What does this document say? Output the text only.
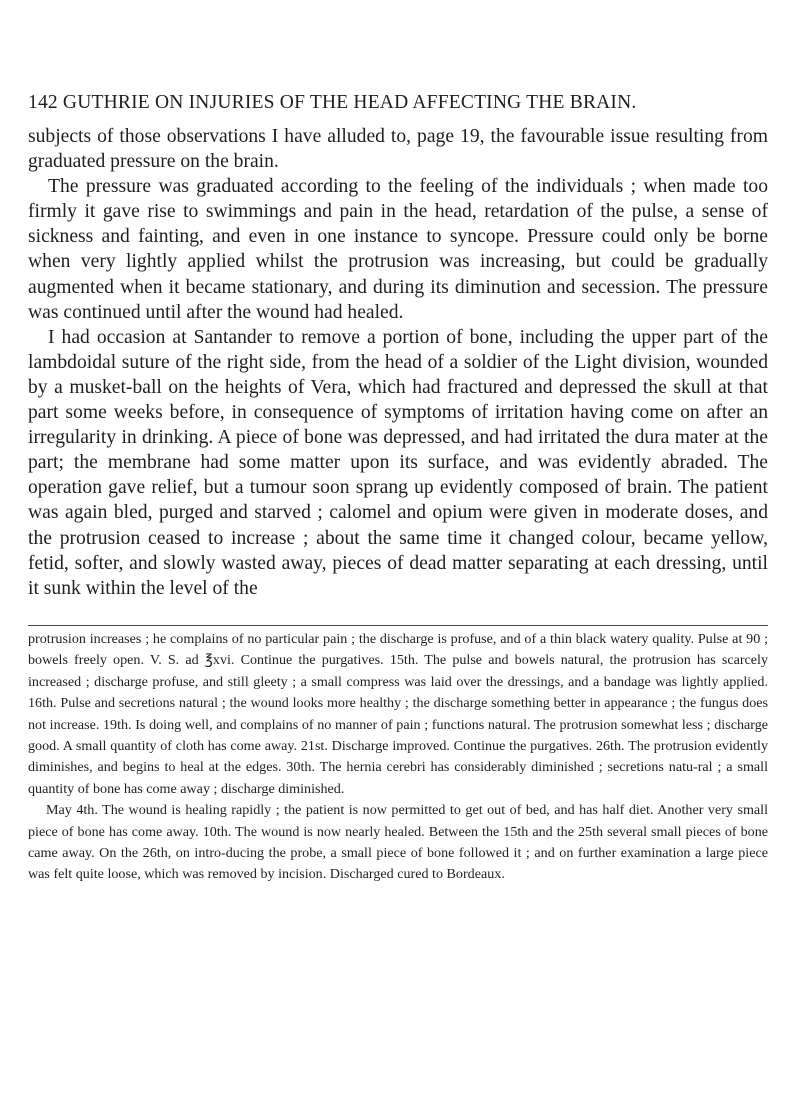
142 GUTHRIE ON INJURIES OF THE HEAD AFFECTING THE BRAIN.

subjects of those observations I have alluded to, page 19, the favourable issue resulting from graduated pressure on the brain.

The pressure was graduated according to the feeling of the individuals ; when made too firmly it gave rise to swimmings and pain in the head, retardation of the pulse, a sense of sickness and fainting, and even in one instance to syncope. Pressure could only be borne when very lightly applied whilst the protrusion was increasing, but could be gradually augmented when it became stationary, and during its diminution and secession. The pressure was continued until after the wound had healed.

I had occasion at Santander to remove a portion of bone, including the upper part of the lambdoidal suture of the right side, from the head of a soldier of the Light division, wounded by a musket-ball on the heights of Vera, which had fractured and depressed the skull at that part some weeks before, in consequence of symptoms of irritation having come on after an irregularity in drinking. A piece of bone was depressed, and had irritated the dura mater at the part; the membrane had some matter upon its surface, and was evidently abraded. The operation gave relief, but a tumour soon sprang up evidently composed of brain. The patient was again bled, purged and starved ; calomel and opium were given in moderate doses, and the protrusion ceased to increase ; about the same time it changed colour, became yellow, fetid, softer, and slowly wasted away, pieces of dead matter separating at each dressing, until it sunk within the level of the

protrusion increases ; he complains of no particular pain ; the discharge is profuse, and of a thin black watery quality. Pulse at 90 ; bowels freely open. V. S. ad ℥xvi. Continue the purgatives. 15th. The pulse and bowels natural, the protrusion has scarcely increased ; discharge profuse, and still gleety ; a small compress was laid over the dressings, and a bandage was lightly applied. 16th. Pulse and secretions natural ; the wound looks more healthy ; the discharge something better in appearance ; the fungus does not increase. 19th. Is doing well, and complains of no manner of pain ; functions natural. The protrusion somewhat less ; discharge good. A small quantity of cloth has come away. 21st. Discharge improved. Continue the purgatives. 26th. The protrusion evidently diminishes, and begins to heal at the edges. 30th. The hernia cerebri has considerably diminished ; secretions natu-ral ; a small quantity of bone has come away ; discharge diminished.

May 4th. The wound is healing rapidly ; the patient is now permitted to get out of bed, and has half diet. Another very small piece of bone has come away. 10th. The wound is now nearly healed. Between the 15th and the 25th several small pieces of bone came away. On the 26th, on intro-ducing the probe, a small piece of bone followed it ; and on further examination a large piece was felt quite loose, which was removed by incision. Discharged cured to Bordeaux.
